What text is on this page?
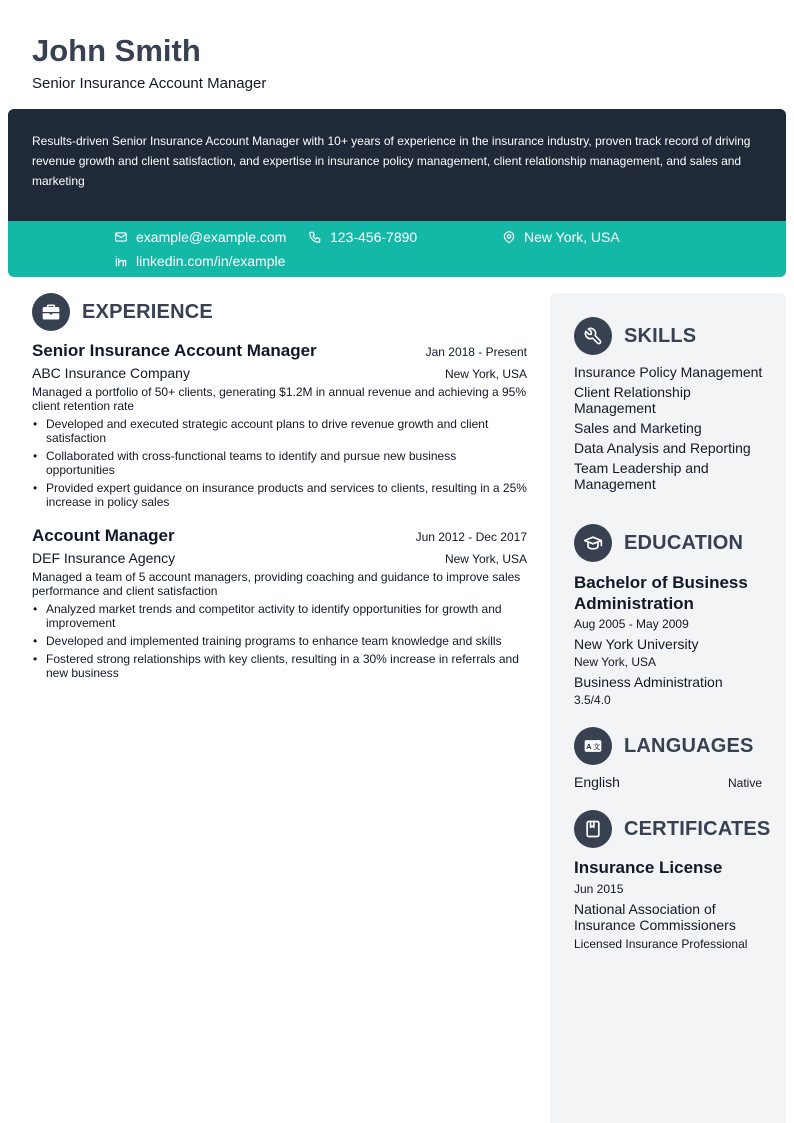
John Smith
Senior Insurance Account Manager

Results-driven Senior Insurance Account Manager with 10+ years of experience in the insurance industry, proven track record of driving revenue growth and client satisfaction, and expertise in insurance policy management, client relationship management, and sales and marketing

example@example.com	123-456-7890	New York, USA
linkedin.com/in/example
EXPERIENCE
Senior Insurance Account Manager	Jan 2018 - Present
ABC Insurance Company	New York, USA
Managed a portfolio of 50+ clients, generating $1.2M in annual revenue and achieving a 95% client retention rate
• Developed and executed strategic account plans to drive revenue growth and client satisfaction
• Collaborated with cross-functional teams to identify and pursue new business opportunities
• Provided expert guidance on insurance products and services to clients, resulting in a 25% increase in policy sales
Account Manager	Jun 2012 - Dec 2017
DEF Insurance Agency	New York, USA
Managed a team of 5 account managers, providing coaching and guidance to improve sales performance and client satisfaction
• Analyzed market trends and competitor activity to identify opportunities for growth and improvement
• Developed and implemented training programs to enhance team knowledge and skills
• Fostered strong relationships with key clients, resulting in a 30% increase in referrals and new business
SKILLS
Insurance Policy Management
Client Relationship Management
Sales and Marketing
Data Analysis and Reporting
Team Leadership and Management
EDUCATION
Bachelor of Business Administration
Aug 2005 - May 2009
New York University
New York, USA
Business Administration
3.5/4.0
A 文 LANGUAGES
English	Native
CERTIFICATES
Insurance License
Jun 2015
National Association of Insurance Commissioners
Licensed Insurance Professional
